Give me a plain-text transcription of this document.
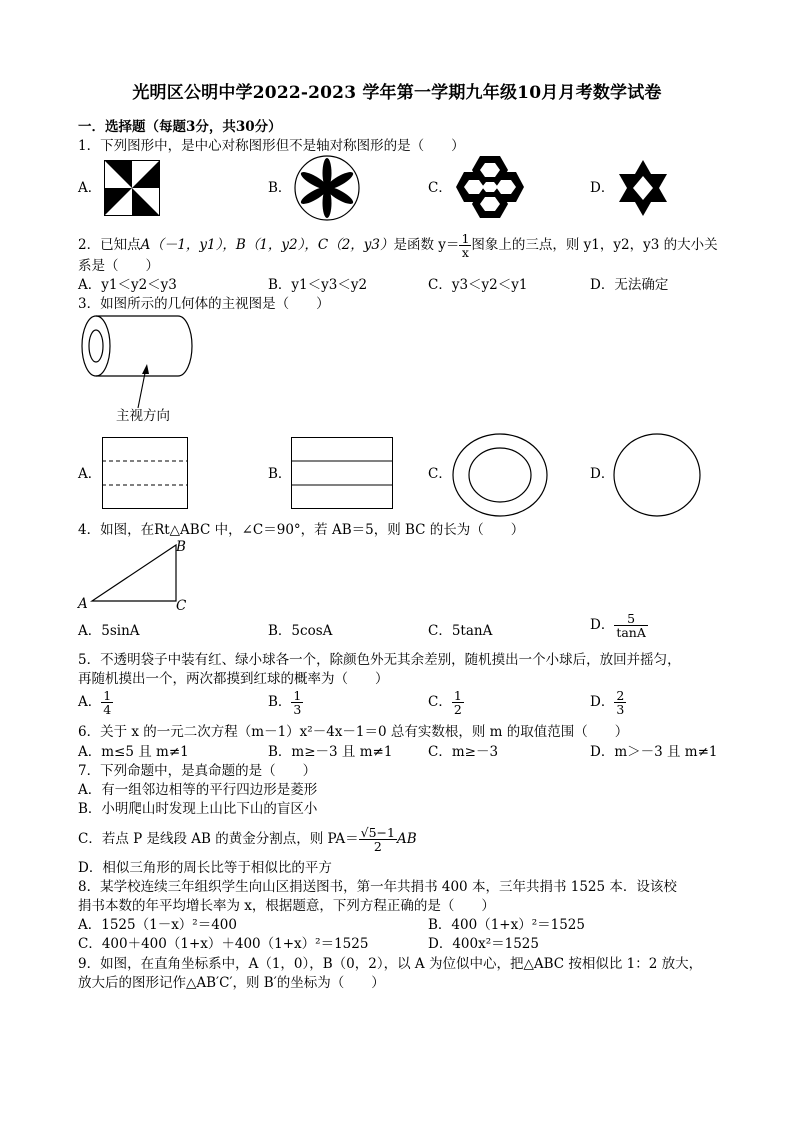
光明区公明中学2022-2023 学年第一学期九年级10月月考数学试卷
一．选择题（每题3分，共30分）
1．下列图形中，是中心对称图形但不是轴对称图形的是（　　）
A．	B．	C．	D．
2．已知点A（－1，y1），B（1，y2），C（2，y3）是函数 $y= \frac{1}{x}$ 图象上的三点，则 y1，y2，y3 的大小关
系是（　　）
A．y1＜y2＜y3	B．y1＜y3＜y2	C．y3＜y2＜y1	D．无法确定
3．如图所示的几何体的主视图是（　　）
主视方向
A．	B．	C．	D．
4．如图，在Rt△ABC 中，∠C＝90°，若 AB＝5，则 BC 的长为（　　）
A
B
C
A．5sinA	B．5cosA	C．5tanA	D． $\frac{5}{\tan A}$
5．不透明袋子中装有红、绿小球各一个，除颜色外无其余差别，随机摸出一个小球后，放回并摇匀，
再随机摸出一个，两次都摸到红球的概率为（　　）
A． $\frac{1}{4}$	B． $\frac{1}{3}$	C． $\frac{1}{2}$	D． $\frac{2}{3}$
6．关于 x 的一元二次方程（m－1）x²－4x－1＝0 总有实数根，则 m 的取值范围（　　）
A．m≤5 且 m≠1	B．m≥－3 且 m≠1	C．m≥－3	D．m＞－3 且 m≠1
7．下列命题中，是真命题的是（　　）
A．有一组邻边相等的平行四边形是菱形
B．小明爬山时发现上山比下山的盲区小
C．若点 P 是线段 AB 的黄金分割点，则 $PA= \frac{√5-1}{2}$ AB
D．相似三角形的周长比等于相似比的平方
8．某学校连续三年组织学生向山区捐送图书，第一年共捐书 400 本，三年共捐书 1525 本．设该校
捐书本数的年平均增长率为 x，根据题意，下列方程正确的是（　　）
A．1525（1－x）²＝400	B．400（1+x）²＝1525
C．400＋400（1+x）＋400（1+x）²＝1525	D．400x²＝1525
9．如图，在直角坐标系中，A（1，0），B（0，2），以 A 为位似中心，把△ABC 按相似比 1：2 放大，
放大后的图形记作△AB′C′，则 B′的坐标为（　　）
